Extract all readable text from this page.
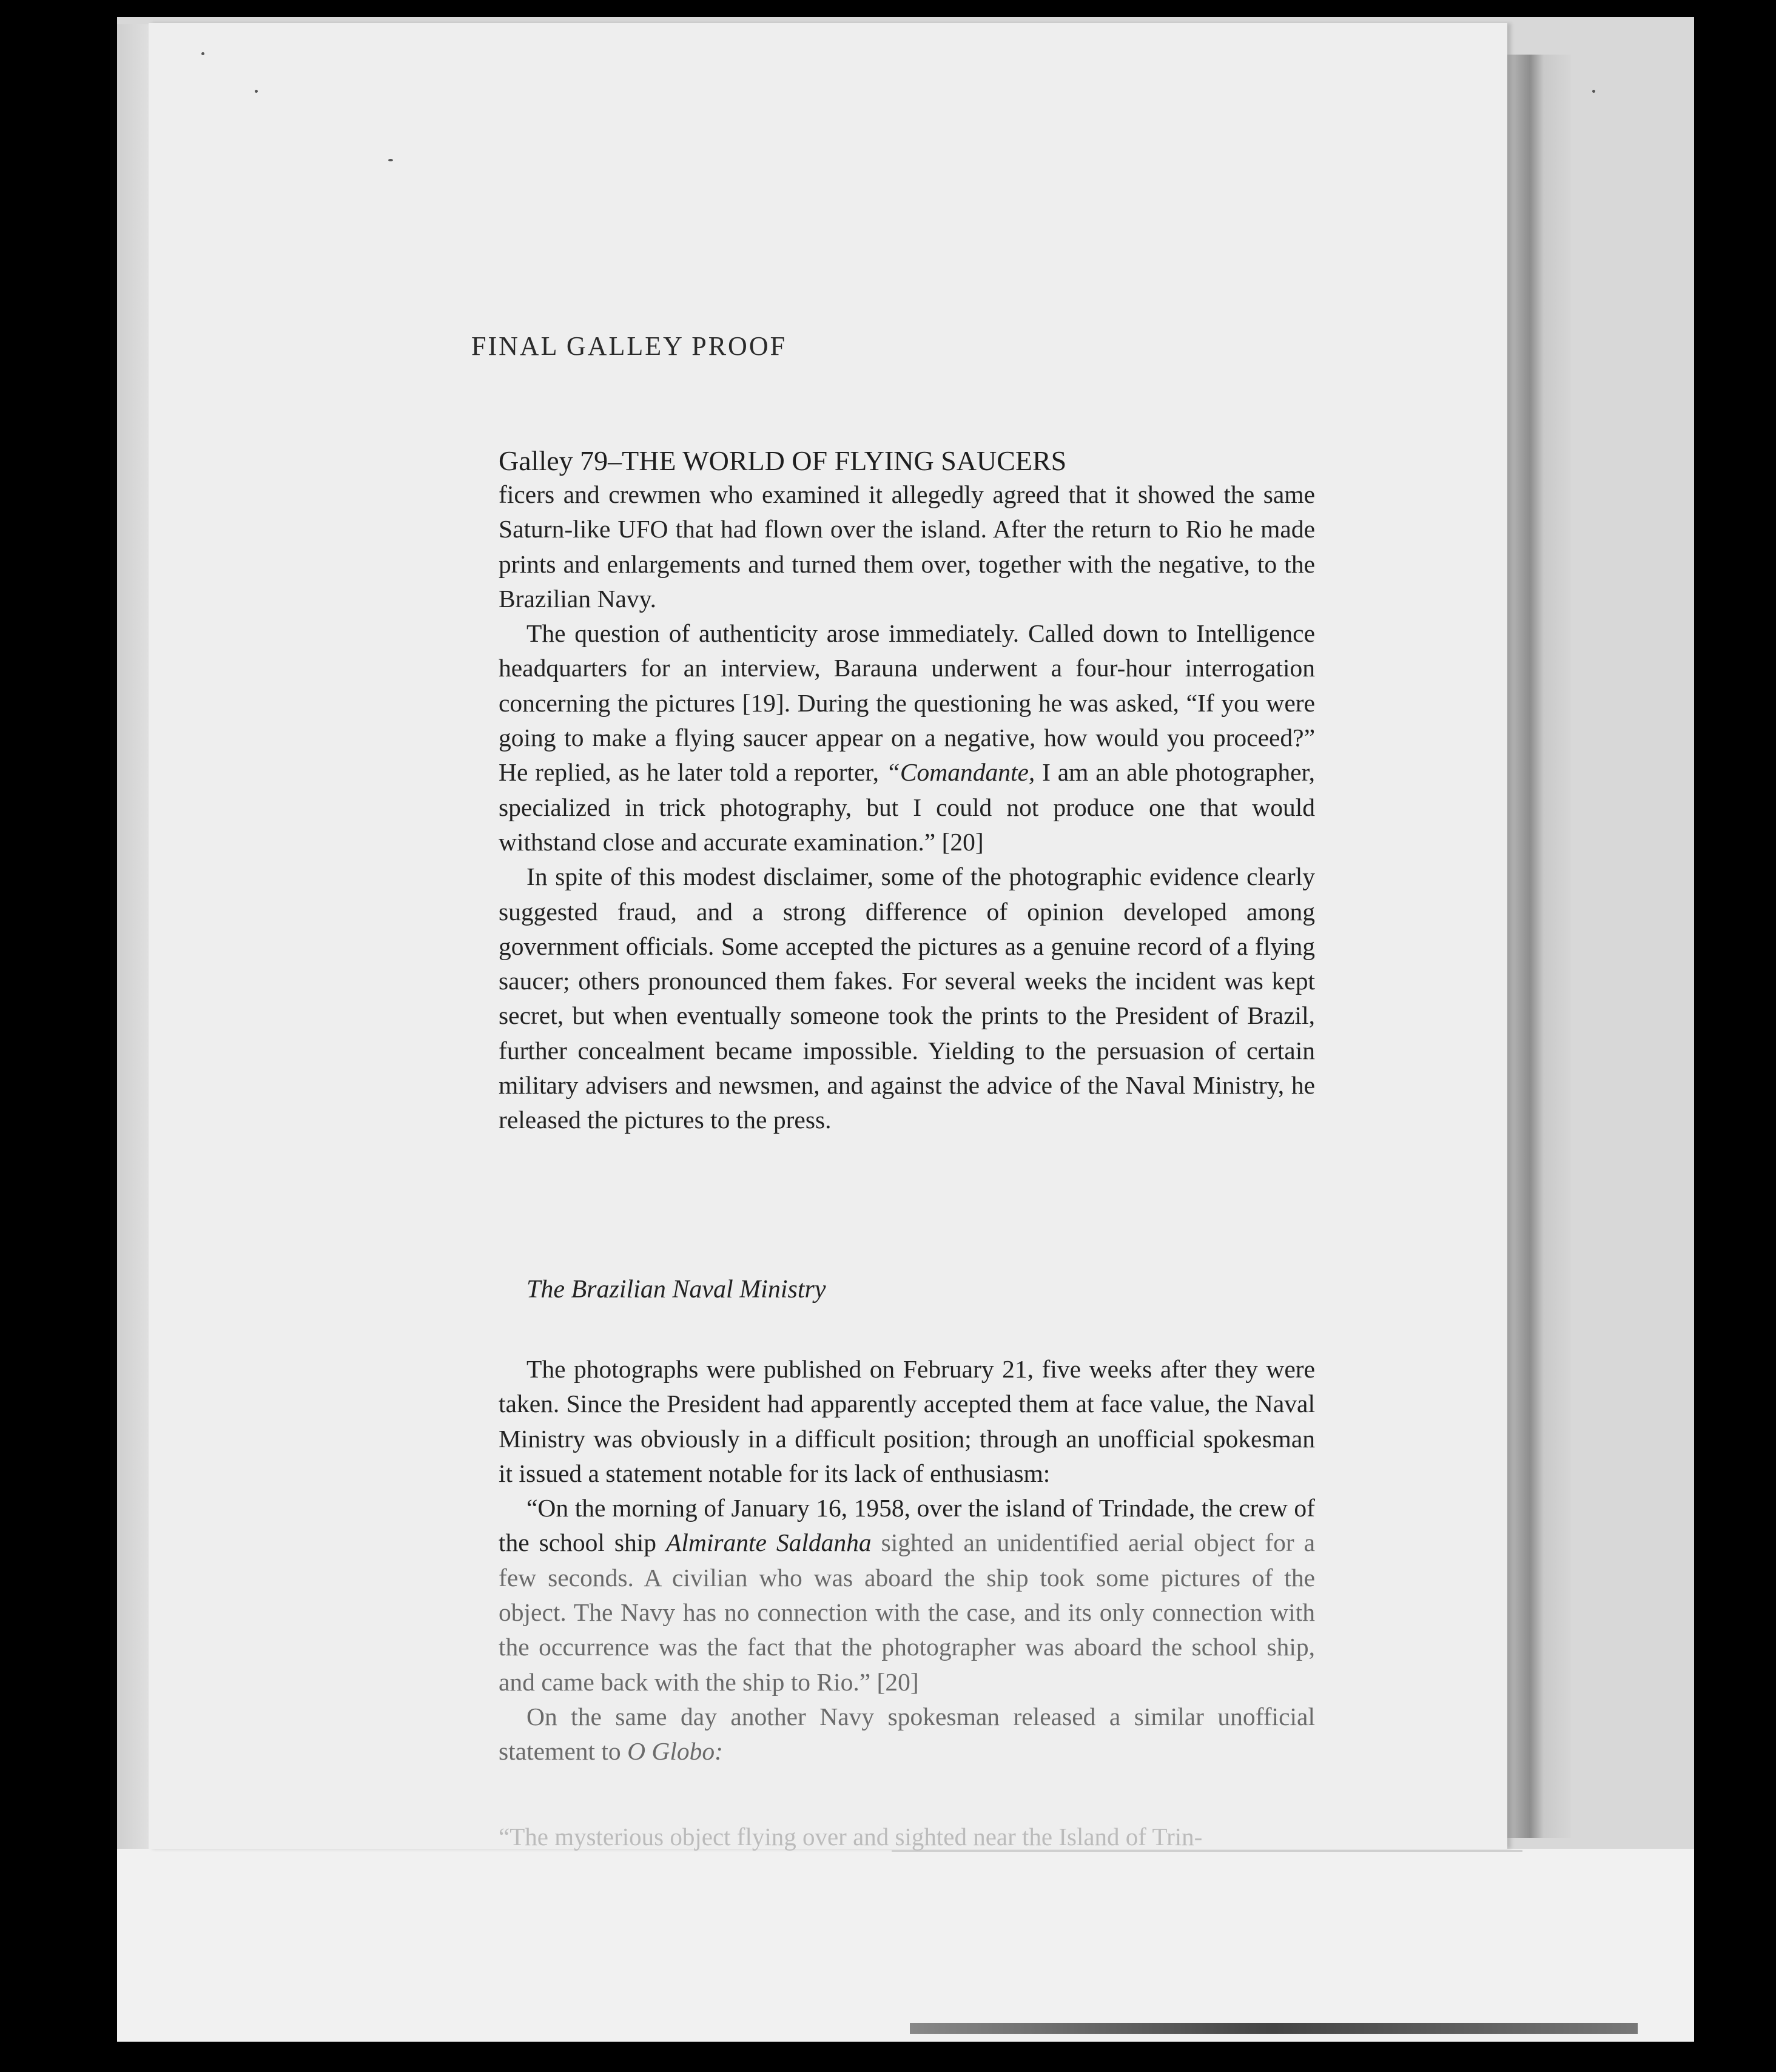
FINAL GALLEY PROOF
Galley 79–THE WORLD OF FLYING SAUCERS

ficers and crewmen who examined it allegedly agreed that it showed the same Saturn-like UFO that had flown over the island. After the return to Rio he made prints and enlargements and turned them over, together with the negative, to the Brazilian Navy.

The question of authenticity arose immediately. Called down to Intelligence headquarters for an interview, Barauna underwent a four-hour interrogation concerning the pictures [19]. During the questioning he was asked, “If you were going to make a flying saucer appear on a negative, how would you proceed?” He replied, as he later told a reporter, “Comandante, I am an able photographer, specialized in trick photography, but I could not produce one that would withstand close and accurate examination.” [20]

In spite of this modest disclaimer, some of the photographic evidence clearly suggested fraud, and a strong difference of opinion developed among government officials. Some accepted the pictures as a genuine record of a flying saucer; others pronounced them fakes. For several weeks the incident was kept secret, but when eventually someone took the prints to the President of Brazil, further concealment became impossible. Yielding to the persuasion of certain military advisers and newsmen, and against the advice of the Naval Ministry, he released the pictures to the press.

The Brazilian Naval Ministry

The photographs were published on February 21, five weeks after they were taken. Since the President had apparently accepted them at face value, the Naval Ministry was obviously in a difficult position; through an unofficial spokesman it issued a statement notable for its lack of enthusiasm:

“On the morning of January 16, 1958, over the island of Trindade, the crew of the school ship Almirante Saldanha sighted an unidentified aerial object for a few seconds. A civilian who was aboard the ship took some pictures of the object. The Navy has no connection with the case, and its only connection with the occurrence was the fact that the photographer was aboard the school ship, and came back with the ship to Rio.” [20]

On the same day another Navy spokesman released a similar unofficial statement to O Globo:

“The mysterious object flying over and sighted near the Island of Trin-
